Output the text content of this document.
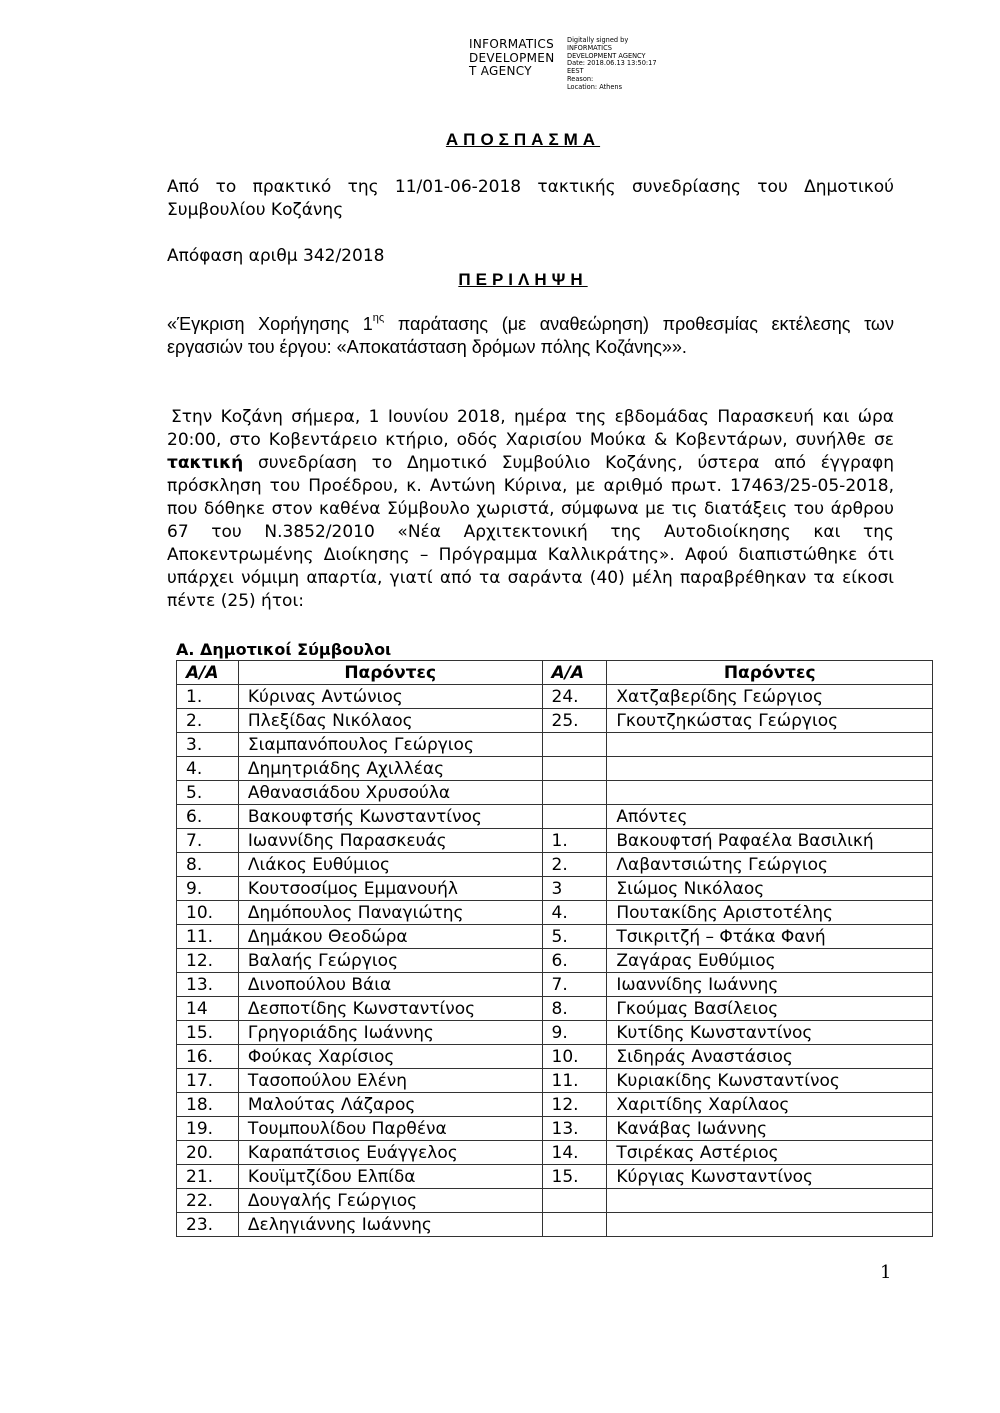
INFORMATICS
DEVELOPMEN
T AGENCY
Digitally signed by
INFORMATICS
DEVELOPMENT AGENCY
Date: 2018.06.13 13:50:17
EEST
Reason:
Location: Athens
ΑΠΟΣΠΑΣΜΑ
Από το πρακτικό της 11/01-06-2018 τακτικής συνεδρίασης του Δημοτικού Συμβουλίου Κοζάνης
Απόφαση αριθμ 342/2018
ΠΕΡΙΛΗΨΗ
«Έγκριση Χορήγησης $1^{\eta\varsigma}$ παράτασης (με αναθεώρηση) προθεσμίας εκτέλεσης των εργασιών του έργου: «Αποκατάσταση δρόμων πόλης Κοζάνης»».
Στην Κοζάνη σήμερα, 1 Ιουνίου 2018, ημέρα της εβδομάδας Παρασκευή και ώρα 20:00, στο Κοβεντάρειο κτήριο, οδός Χαρισίου Μούκα & Κοβεντάρων, συνήλθε σε τακτική συνεδρίαση το Δημοτικό Συμβούλιο Κοζάνης, ύστερα από έγγραφη πρόσκληση του Προέδρου, κ. Αντώνη Κύρινα, με αριθμό πρωτ. 17463/25-05-2018, που δόθηκε στον καθένα Σύμβουλο χωριστά, σύμφωνα με τις διατάξεις του άρθρου 67 του Ν.3852/2010 «Νέα Αρχιτεκτονική της Αυτοδιοίκησης και της Αποκεντρωμένης Διοίκησης – Πρόγραμμα Καλλικράτης». Αφού διαπιστώθηκε ότι υπάρχει νόμιμη απαρτία, γιατί από τα σαράντα (40) μέλη παραβρέθηκαν τα είκοσι πέντε (25) ήτοι:
Α. Δημοτικοί Σύμβουλοι
Α/Α	Παρόντες	Α/Α	Παρόντες
1.	Κύρινας Αντώνιος	24.	Χατζαβερίδης Γεώργιος
2.	Πλεξίδας Νικόλαος	25.	Γκουτζηκώστας Γεώργιος
3.	Σιαμπανόπουλος Γεώργιος		
4.	Δημητριάδης Αχιλλέας		
5.	Αθανασιάδου Χρυσούλα		
6.	Βακουφτσής Κωνσταντίνος		Απόντες
7.	Ιωαννίδης Παρασκευάς	1.	Βακουφτσή Ραφαέλα Βασιλική
8.	Λιάκος Ευθύμιος	2.	Λαβαντσιώτης Γεώργιος
9.	Κουτσοσίμος Εμμανουήλ	3	Σιώμος Νικόλαος
10.	Δημόπουλος Παναγιώτης	4.	Πουτακίδης Αριστοτέλης
11.	Δημάκου Θεοδώρα	5.	Τσικριτζή – Φτάκα Φανή
12.	Βαλαής Γεώργιος	6.	Ζαγάρας Ευθύμιος
13.	Δινοπούλου Βάια	7.	Ιωαννίδης Ιωάννης
14	Δεσποτίδης Κωνσταντίνος	8.	Γκούμας Βασίλειος
15.	Γρηγοριάδης Ιωάννης	9.	Κυτίδης Κωνσταντίνος
16.	Φούκας Χαρίσιος	10.	Σιδηράς Αναστάσιος
17.	Τασοπούλου Ελένη	11.	Κυριακίδης Κωνσταντίνος
18.	Μαλούτας Λάζαρος	12.	Χαριτίδης Χαρίλαος
19.	Τουμπουλίδου Παρθένα	13.	Κανάβας Ιωάννης
20.	Καραπάτσιος Ευάγγελος	14.	Τσιρέκας Αστέριος
21.	Κουϊμτζίδου Ελπίδα	15.	Κύργιας Κωνσταντίνος
22.	Δουγαλής Γεώργιος		
23.	Δεληγιάννης Ιωάννης		
1
